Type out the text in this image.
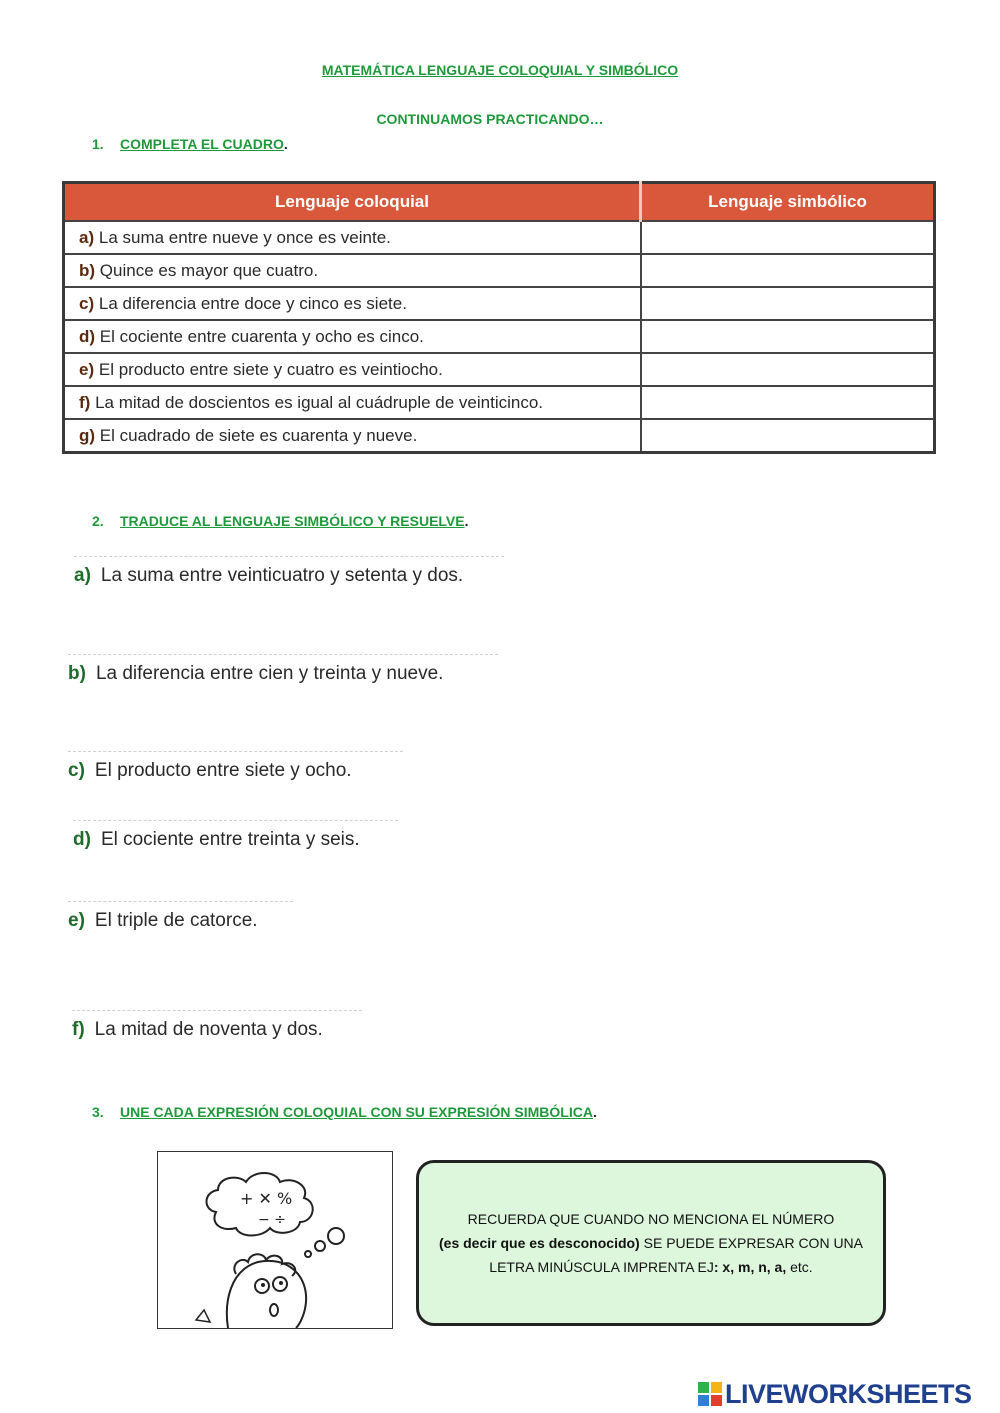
MATEMÁTICA LENGUAJE COLOQUIAL Y SIMBÓLICO
CONTINUAMOS PRACTICANDO…
1. COMPLETA EL CUADRO.
Lenguaje coloquial	Lenguaje simbólico
a) La suma entre nueve y once es veinte.	
b) Quince es mayor que cuatro.	
c) La diferencia entre doce y cinco es siete.	
d) El cociente entre cuarenta y ocho es cinco.	
e) El producto entre siete y cuatro es veintiocho.	
f) La mitad de doscientos es igual al cuádruple de veinticinco.	
g) El cuadrado de siete es cuarenta y nueve.	
2. TRADUCE AL LENGUAJE SIMBÓLICO Y RESUELVE.
a) La suma entre veinticuatro y setenta y dos.
b) La diferencia entre cien y treinta y nueve.
c) El producto entre siete y ocho.
d) El cociente entre treinta y seis.
e) El triple de catorce.
f) La mitad de noventa y dos.
3. UNE CADA EXPRESIÓN COLOQUIAL CON SU EXPRESIÓN SIMBÓLICA.
+ ✕ %
− ÷	RECUERDA QUE CUANDO NO MENCIONA EL NÚMERO
(es decir que es desconocido) SE PUEDE EXPRESAR CON UNA LETRA MINÚSCULA IMPRENTA EJ: x, m, n, a, etc.

LIVEWORKSHEETS
